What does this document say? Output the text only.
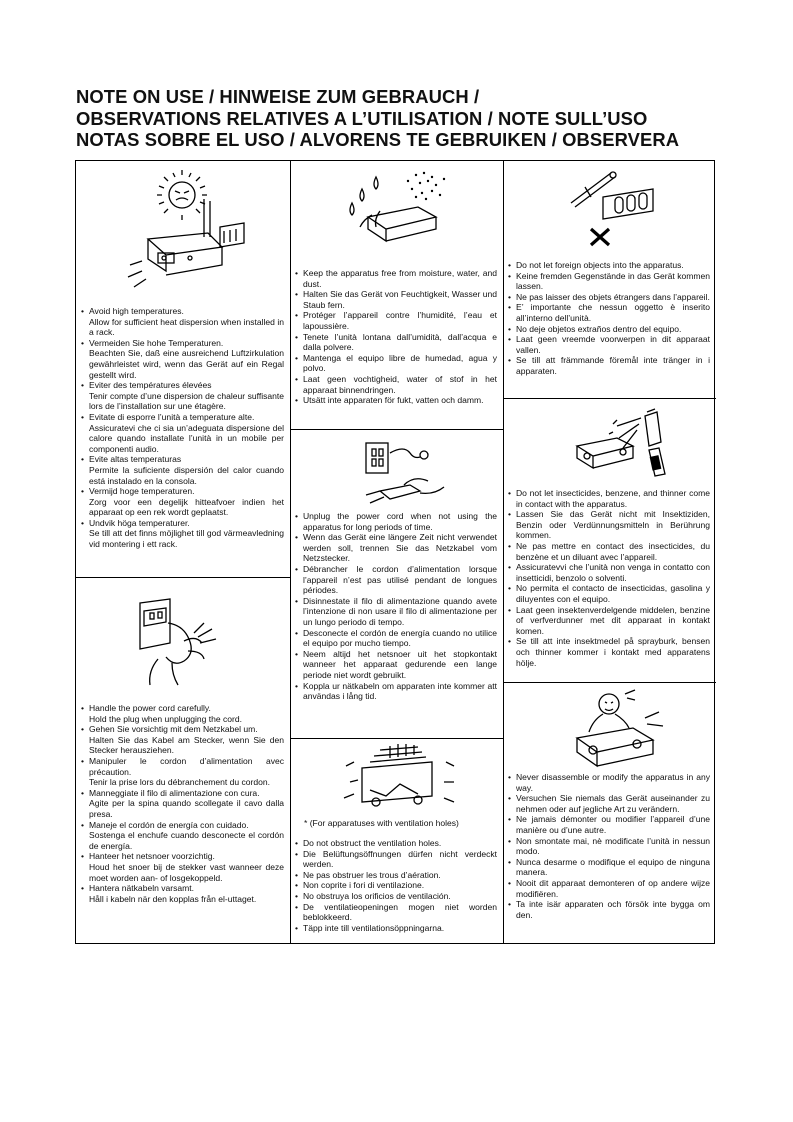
NOTE ON USE / HINWEISE ZUM GEBRAUCH /
OBSERVATIONS RELATIVES A L’UTILISATION / NOTE SULL’USO
NOTAS SOBRE EL USO / ALVORENS TE GEBRUIKEN / OBSERVERA
• Avoid high temperatures.
Allow for sufficient heat dispersion when installed in a rack.
• Vermeiden Sie hohe Temperaturen.
Beachten Sie, daß eine ausreichend Luftzirkulation gewährleistet wird, wenn das Gerät auf ein Regal gestellt wird.
• Eviter des températures élevées
Tenir compte d’une dispersion de chaleur suffisante lors de l’installation sur une étagère.
• Evitate di esporre l’unità a temperature alte.
Assicuratevi che ci sia un’adeguata dispersione del calore quando installate l’unità in un mobile per componenti audio.
• Evite altas temperaturas
Permite la suficiente dispersión del calor cuando está instalado en la consola.
• Vermijd hoge temperaturen.
Zorg voor een degelijk hitteafvoer indien het apparaat op een rek wordt geplaatst.
• Undvik höga temperaturer.
Se till att det finns möjlighet till god värmeavledning vid montering i ett rack.
• Handle the power cord carefully.
Hold the plug when unplugging the cord.
• Gehen Sie vorsichtig mit dem Netzkabel um.
Halten Sie das Kabel am Stecker, wenn Sie den Stecker herausziehen.
• Manipuler le cordon d’alimentation avec précaution.
Tenir la prise lors du débranchement du cordon.
• Manneggiate il filo di alimentazione con cura.
Agite per la spina quando scollegate il cavo dalla presa.
• Maneje el cordón de energía con cuidado.
Sostenga el enchufe cuando desconecte el cordón de energía.
• Hanteer het netsnoer voorzichtig.
Houd het snoer bij de stekker vast wanneer deze moet worden aan- of losgekoppeld.
• Hantera nätkabeln varsamt.
Håll i kabeln när den kopplas från el-uttaget.
• Keep the apparatus free from moisture, water, and dust.
• Halten Sie das Gerät von Feuchtigkeit, Wasser und Staub fern.
• Protéger l’appareil contre l’humidité, l’eau et lapoussière.
• Tenete l’unità lontana dall’umidità, dall’acqua e dalla polvere.
• Mantenga el equipo libre de humedad, agua y polvo.
• Laat geen vochtigheid, water of stof in het apparaat binnendringen.
• Utsätt inte apparaten för fukt, vatten och damm.
• Unplug the power cord when not using the apparatus for long periods of time.
• Wenn das Gerät eine längere Zeit nicht verwendet werden soll, trennen Sie das Netzkabel vom Netzstecker.
• Débrancher le cordon d’alimentation lorsque l’appareil n’est pas utilisé pendant de longues périodes.
• Disinnestate il filo di alimentazione quando avete l’intenzione di non usare il filo di alimentazione per un lungo periodo di tempo.
• Desconecte el cordón de energía cuando no utilice el equipo por mucho tiempo.
• Neem altijd het netsnoer uit het stopkontakt wanneer het apparaat gedurende een lange periode niet wordt gebruikt.
• Koppla ur nätkabeln om apparaten inte kommer att användas i lång tid.
* (For apparatuses with ventilation holes)
• Do not obstruct the ventilation holes.
• Die Belüftungsöffnungen dürfen nicht verdeckt werden.
• Ne pas obstruer les trous d’aération.
• Non coprite i fori di ventilazione.
• No obstruya los orificios de ventilación.
• De ventilatieopeningen mogen niet worden beblokkeerd.
• Täpp inte till ventilationsöppningarna.
• Do not let foreign objects into the apparatus.
• Keine fremden Gegenstände in das Gerät kommen lassen.
• Ne pas laisser des objets étrangers dans l’appareil.
• E’ importante che nessun oggetto è inserito all’interno dell’unità.
• No deje objetos extraños dentro del equipo.
• Laat geen vreemde voorwerpen in dit apparaat vallen.
• Se till att främmande föremål inte tränger in i apparaten.
• Do not let insecticides, benzene, and thinner come in contact with the apparatus.
• Lassen Sie das Gerät nicht mit Insektiziden, Benzin oder Verdünnungsmitteln in Berührung kommen.
• Ne pas mettre en contact des insecticides, du benzène et un diluant avec l’appareil.
• Assicuratevvi che l’unità non venga in contatto con insetticidi, benzolo o solventi.
• No permita el contacto de insecticidas, gasolina y diluyentes con el equipo.
• Laat geen insektenverdelgende middelen, benzine of verfverdunner met dit apparaat in kontakt komen.
• Se till att inte insektmedel på sprayburk, bensen och thinner kommer i kontakt med apparatens hölje.
• Never disassemble or modify the apparatus in any way.
• Versuchen Sie niemals das Gerät auseinander zu nehmen oder auf jegliche Art zu verändern.
• Ne jamais démonter ou modifier l’appareil d’une manière ou d’une autre.
• Non smontate mai, nè modificate l’unità in nessun modo.
• Nunca desarme o modifique el equipo de ninguna manera.
• Nooit dit apparaat demonteren of op andere wijze modifiëren.
• Ta inte isär apparaten och försök inte bygga om den.
